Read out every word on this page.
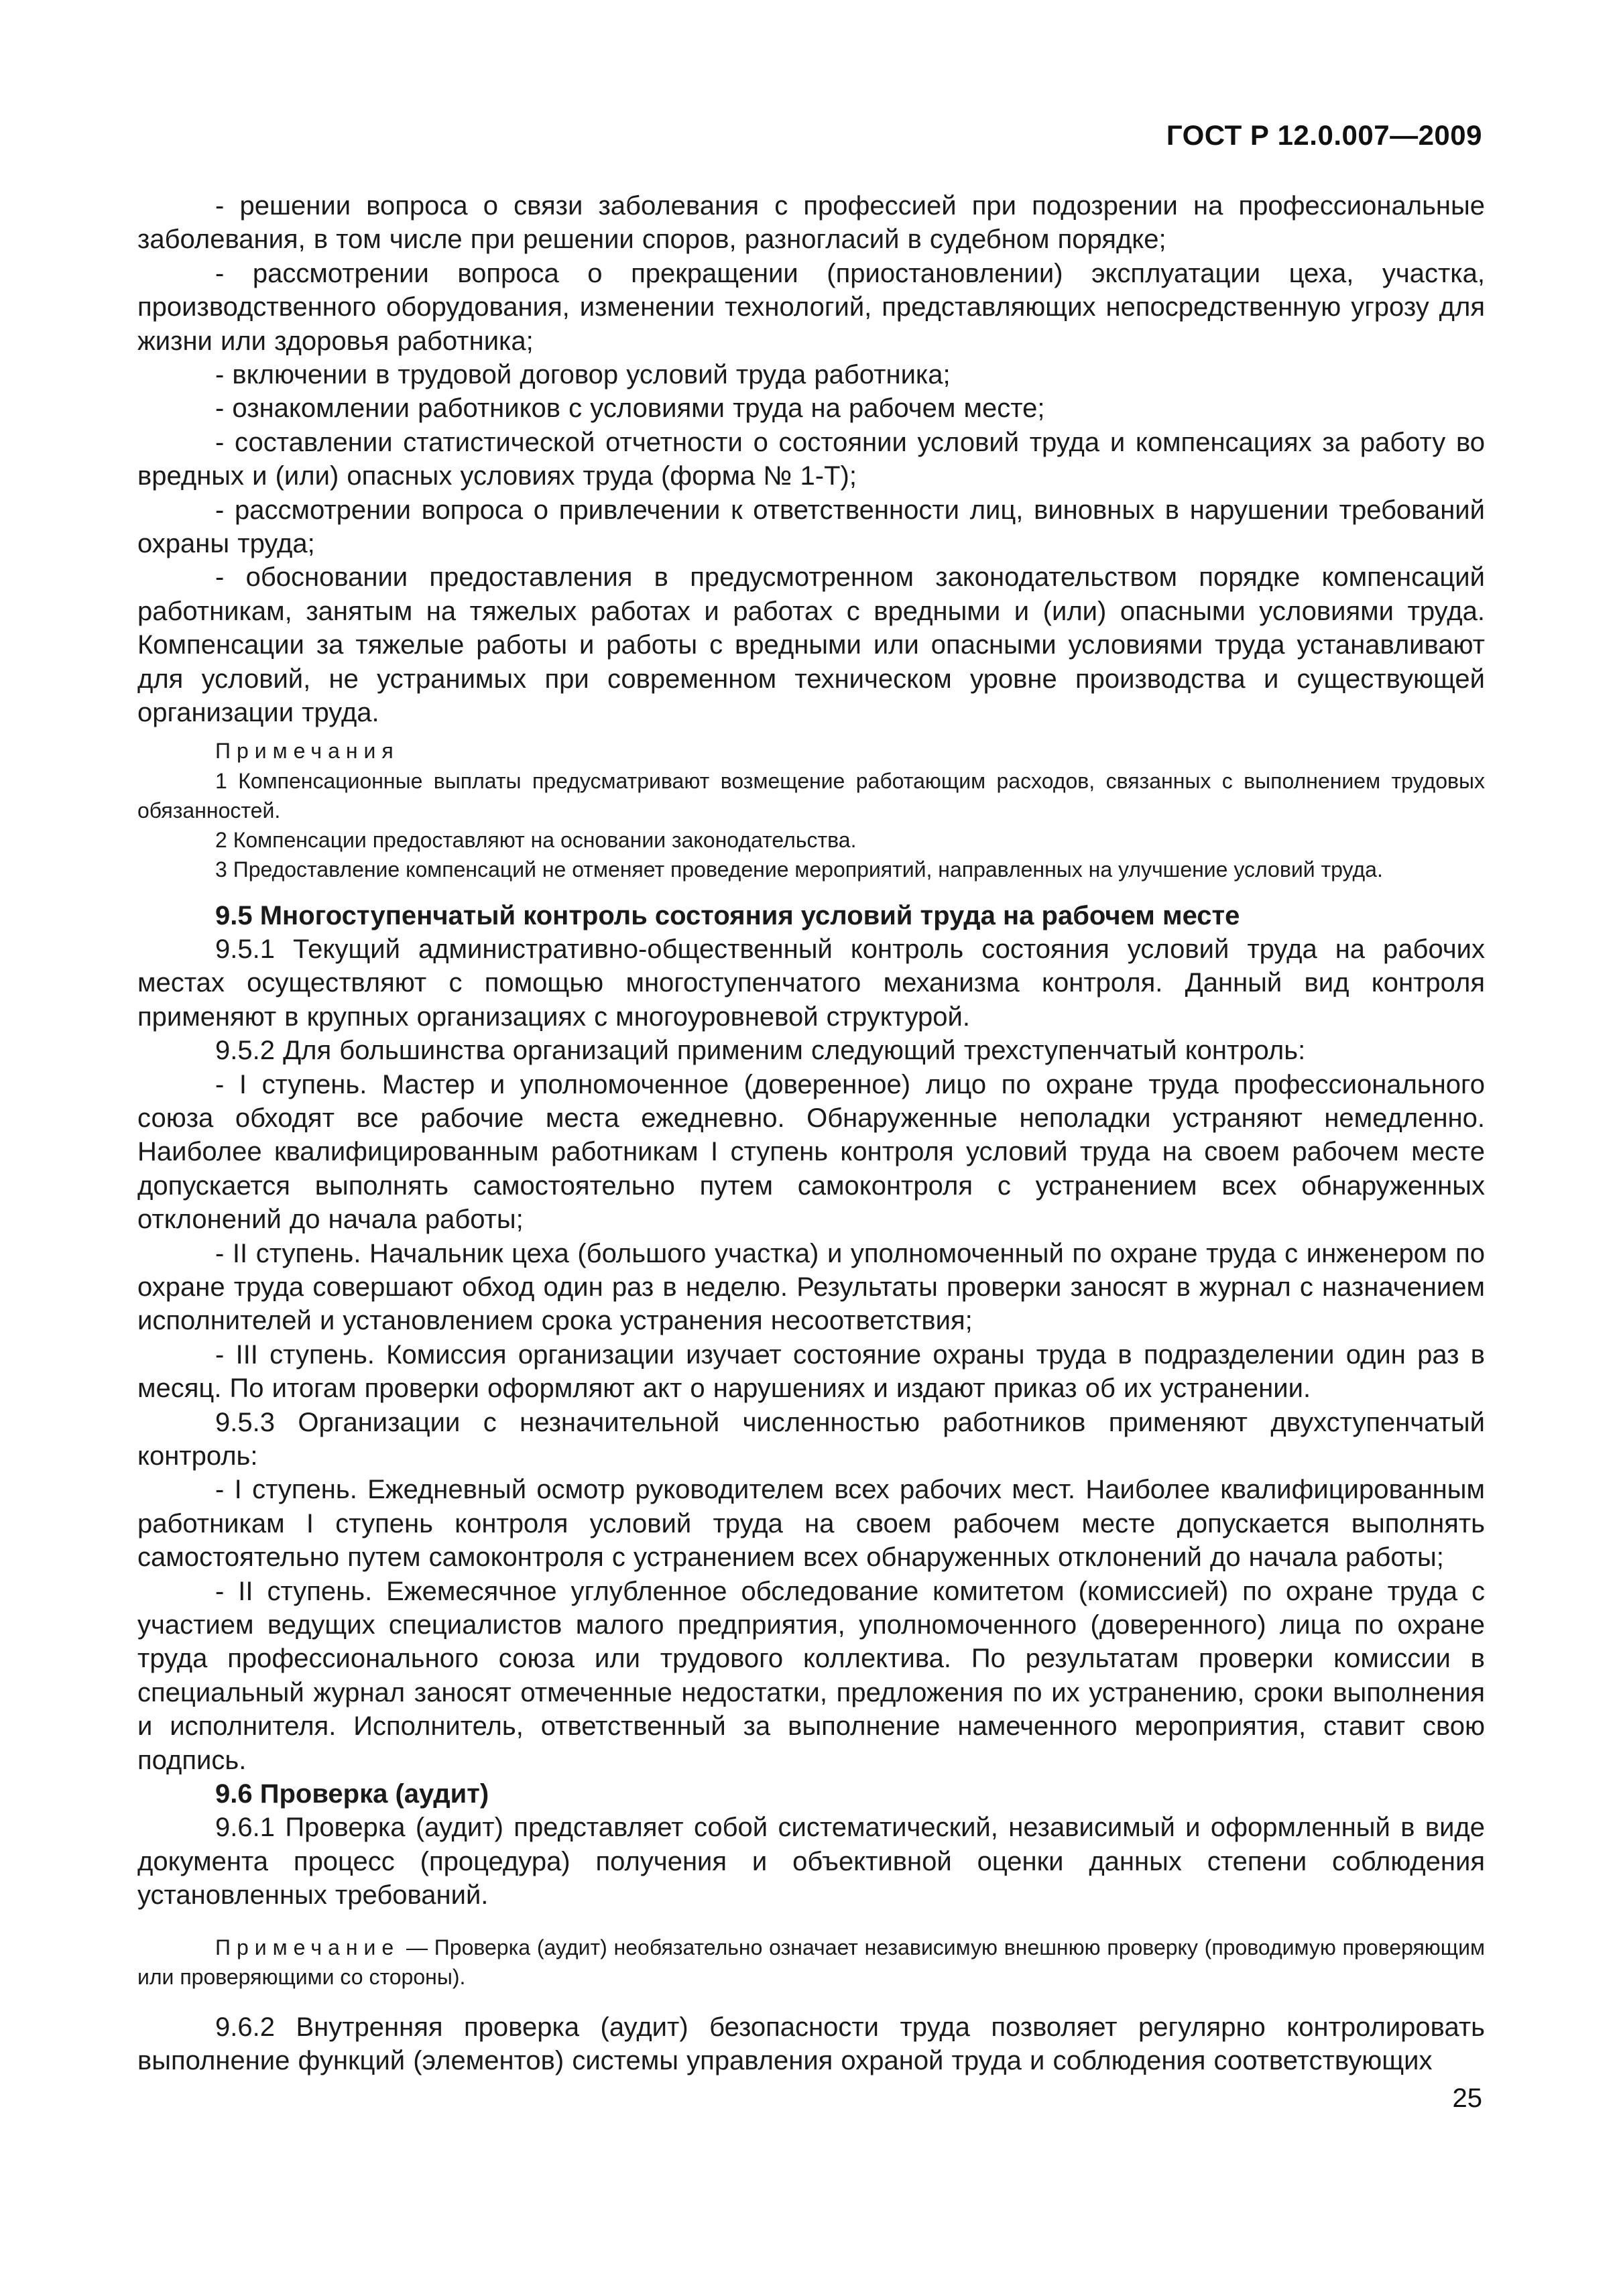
ГОСТ Р 12.0.007—2009

- решении вопроса о связи заболевания с профессией при подозрении на профессиональные заболевания, в том числе при решении споров, разногласий в судебном порядке;

- рассмотрении вопроса о прекращении (приостановлении) эксплуатации цеха, участка, производственного оборудования, изменении технологий, представляющих непосредственную угрозу для жизни или здоровья работника;

- включении в трудовой договор условий труда работника;

- ознакомлении работников с условиями труда на рабочем месте;

- составлении статистической отчетности о состоянии условий труда и компенсациях за работу во вредных и (или) опасных условиях труда (форма № 1-Т);

- рассмотрении вопроса о привлечении к ответственности лиц, виновных в нарушении требований охраны труда;

- обосновании предоставления в предусмотренном законодательством порядке компенсаций работникам, занятым на тяжелых работах и работах с вредными и (или) опасными условиями труда. Компенсации за тяжелые работы и работы с вредными или опасными условиями труда устанавливают для условий, не устранимых при современном техническом уровне производства и существующей организации труда.

Примечания

1 Компенсационные выплаты предусматривают возмещение работающим расходов, связанных с выполнением трудовых обязанностей.

2 Компенсации предоставляют на основании законодательства.

3 Предоставление компенсаций не отменяет проведение мероприятий, направленных на улучшение условий труда.

9.5 Многоступенчатый контроль состояния условий труда на рабочем месте

9.5.1 Текущий административно-общественный контроль состояния условий труда на рабочих местах осуществляют с помощью многоступенчатого механизма контроля. Данный вид контроля применяют в крупных организациях с многоуровневой структурой.

9.5.2 Для большинства организаций применим следующий трехступенчатый контроль:

- I ступень. Мастер и уполномоченное (доверенное) лицо по охране труда профессионального союза обходят все рабочие места ежедневно. Обнаруженные неполадки устраняют немедленно. Наиболее квалифицированным работникам I ступень контроля условий труда на своем рабочем месте допускается выполнять самостоятельно путем самоконтроля с устранением всех обнаруженных отклонений до начала работы;

- II ступень. Начальник цеха (большого участка) и уполномоченный по охране труда с инженером по охране труда совершают обход один раз в неделю. Результаты проверки заносят в журнал с назначением исполнителей и установлением срока устранения несоответствия;

- III ступень. Комиссия организации изучает состояние охраны труда в подразделении один раз в месяц. По итогам проверки оформляют акт о нарушениях и издают приказ об их устранении.

9.5.3 Организации с незначительной численностью работников применяют двухступенчатый контроль:

- I ступень. Ежедневный осмотр руководителем всех рабочих мест. Наиболее квалифицированным работникам I ступень контроля условий труда на своем рабочем месте допускается выполнять самостоятельно путем самоконтроля с устранением всех обнаруженных отклонений до начала работы;

- II ступень. Ежемесячное углубленное обследование комитетом (комиссией) по охране труда с участием ведущих специалистов малого предприятия, уполномоченного (доверенного) лица по охране труда профессионального союза или трудового коллектива. По результатам проверки комиссии в специальный журнал заносят отмеченные недостатки, предложения по их устранению, сроки выполнения и исполнителя. Исполнитель, ответственный за выполнение намеченного мероприятия, ставит свою подпись.

9.6 Проверка (аудит)

9.6.1 Проверка (аудит) представляет собой систематический, независимый и оформленный в виде документа процесс (процедура) получения и объективной оценки данных степени соблюдения установленных требований.

Примечание — Проверка (аудит) необязательно означает независимую внешнюю проверку (проводимую проверяющим или проверяющими со стороны).

9.6.2 Внутренняя проверка (аудит) безопасности труда позволяет регулярно контролировать выполнение функций (элементов) системы управления охраной труда и соблюдения соответствующих

25
